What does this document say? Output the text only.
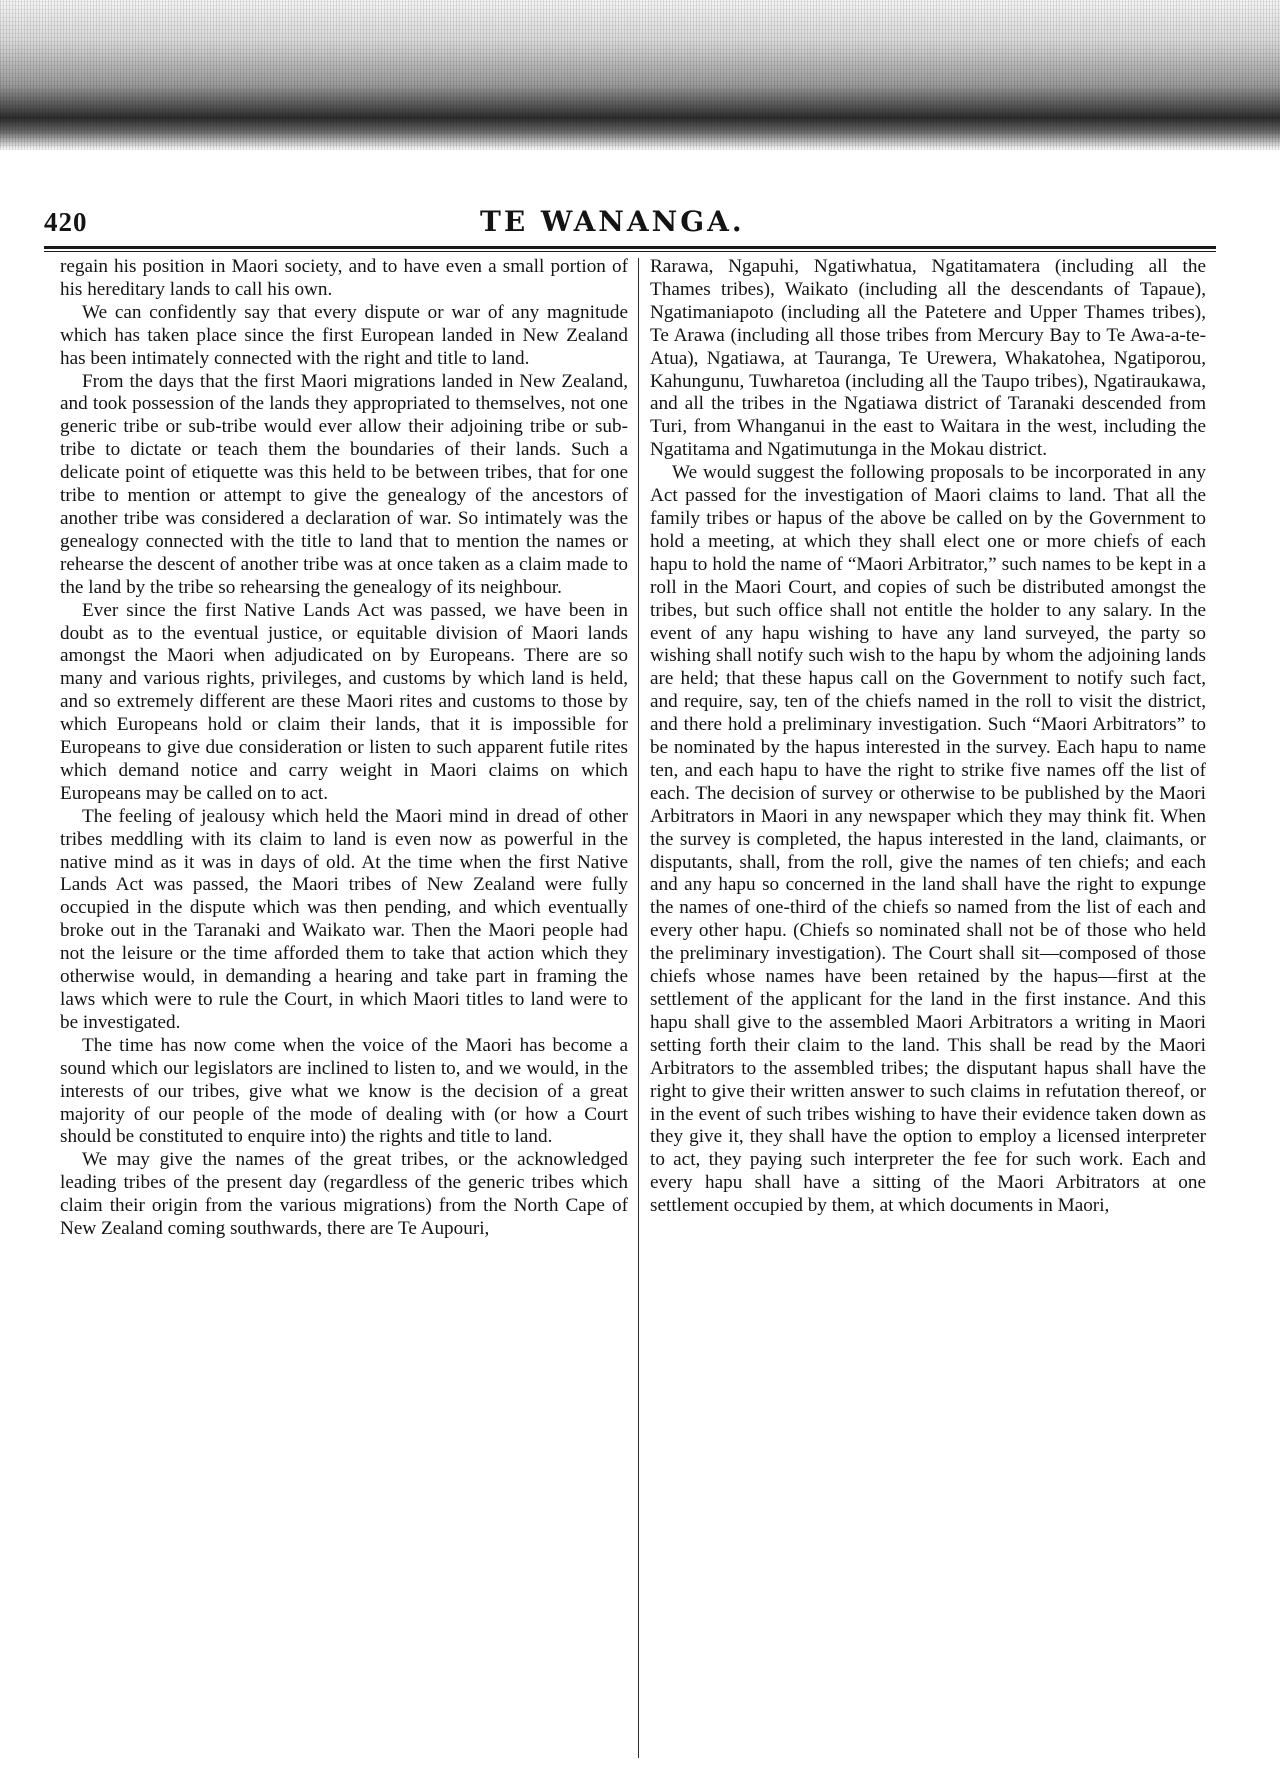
420	TE WANANGA.

regain his position in Maori society, and to have even a small portion of his hereditary lands to call his own.

We can confidently say that every dispute or war of any magnitude which has taken place since the first European landed in New Zealand has been intimately connected with the right and title to land.

From the days that the first Maori migrations landed in New Zealand, and took possession of the lands they appropriated to themselves, not one generic tribe or sub-tribe would ever allow their adjoining tribe or sub-tribe to dictate or teach them the boundaries of their lands. Such a delicate point of etiquette was this held to be between tribes, that for one tribe to mention or attempt to give the genealogy of the ancestors of another tribe was considered a declaration of war. So intimately was the genealogy connected with the title to land that to mention the names or rehearse the descent of another tribe was at once taken as a claim made to the land by the tribe so rehearsing the genealogy of its neighbour.

Ever since the first Native Lands Act was passed, we have been in doubt as to the eventual justice, or equitable division of Maori lands amongst the Maori when adjudicated on by Europeans. There are so many and various rights, privileges, and customs by which land is held, and so extremely different are these Maori rites and customs to those by which Europeans hold or claim their lands, that it is impossible for Europeans to give due consideration or listen to such apparent futile rites which demand notice and carry weight in Maori claims on which Europeans may be called on to act.

The feeling of jealousy which held the Maori mind in dread of other tribes meddling with its claim to land is even now as powerful in the native mind as it was in days of old. At the time when the first Native Lands Act was passed, the Maori tribes of New Zealand were fully occupied in the dispute which was then pending, and which eventually broke out in the Taranaki and Waikato war. Then the Maori people had not the leisure or the time afforded them to take that action which they otherwise would, in demanding a hearing and take part in framing the laws which were to rule the Court, in which Maori titles to land were to be investigated.

The time has now come when the voice of the Maori has become a sound which our legislators are inclined to listen to, and we would, in the interests of our tribes, give what we know is the decision of a great majority of our people of the mode of dealing with (or how a Court should be constituted to enquire into) the rights and title to land.

We may give the names of the great tribes, or the acknowledged leading tribes of the present day (regardless of the generic tribes which claim their origin from the various migrations) from the North Cape of New Zealand coming southwards, there are Te Aupouri,

Rarawa, Ngapuhi, Ngatiwhatua, Ngatitamatera (including all the Thames tribes), Waikato (including all the descendants of Tapaue), Ngatimaniapoto (including all the Patetere and Upper Thames tribes), Te Arawa (including all those tribes from Mercury Bay to Te Awa-a-te-Atua), Ngatiawa, at Tauranga, Te Urewera, Whakatohea, Ngatiporou, Kahungunu, Tuwharetoa (including all the Taupo tribes), Ngatiraukawa, and all the tribes in the Ngatiawa district of Taranaki descended from Turi, from Whanganui in the east to Waitara in the west, including the Ngatitama and Ngatimutunga in the Mokau district.

We would suggest the following proposals to be incorporated in any Act passed for the investigation of Maori claims to land. That all the family tribes or hapus of the above be called on by the Government to hold a meeting, at which they shall elect one or more chiefs of each hapu to hold the name of “Maori Arbitrator,” such names to be kept in a roll in the Maori Court, and copies of such be distributed amongst the tribes, but such office shall not entitle the holder to any salary. In the event of any hapu wishing to have any land surveyed, the party so wishing shall notify such wish to the hapu by whom the adjoining lands are held; that these hapus call on the Government to notify such fact, and require, say, ten of the chiefs named in the roll to visit the district, and there hold a preliminary investigation. Such “Maori Arbitrators” to be nominated by the hapus interested in the survey. Each hapu to name ten, and each hapu to have the right to strike five names off the list of each. The decision of survey or otherwise to be published by the Maori Arbitrators in Maori in any newspaper which they may think fit. When the survey is completed, the hapus interested in the land, claimants, or disputants, shall, from the roll, give the names of ten chiefs; and each and any hapu so concerned in the land shall have the right to expunge the names of one-third of the chiefs so named from the list of each and every other hapu. (Chiefs so nominated shall not be of those who held the preliminary investigation). The Court shall sit—composed of those chiefs whose names have been retained by the hapus—first at the settlement of the applicant for the land in the first instance. And this hapu shall give to the assembled Maori Arbitrators a writing in Maori setting forth their claim to the land. This shall be read by the Maori Arbitrators to the assembled tribes; the disputant hapus shall have the right to give their written answer to such claims in refutation thereof, or in the event of such tribes wishing to have their evidence taken down as they give it, they shall have the option to employ a licensed interpreter to act, they paying such interpreter the fee for such work. Each and every hapu shall have a sitting of the Maori Arbitrators at one settlement occupied by them, at which documents in Maori,
